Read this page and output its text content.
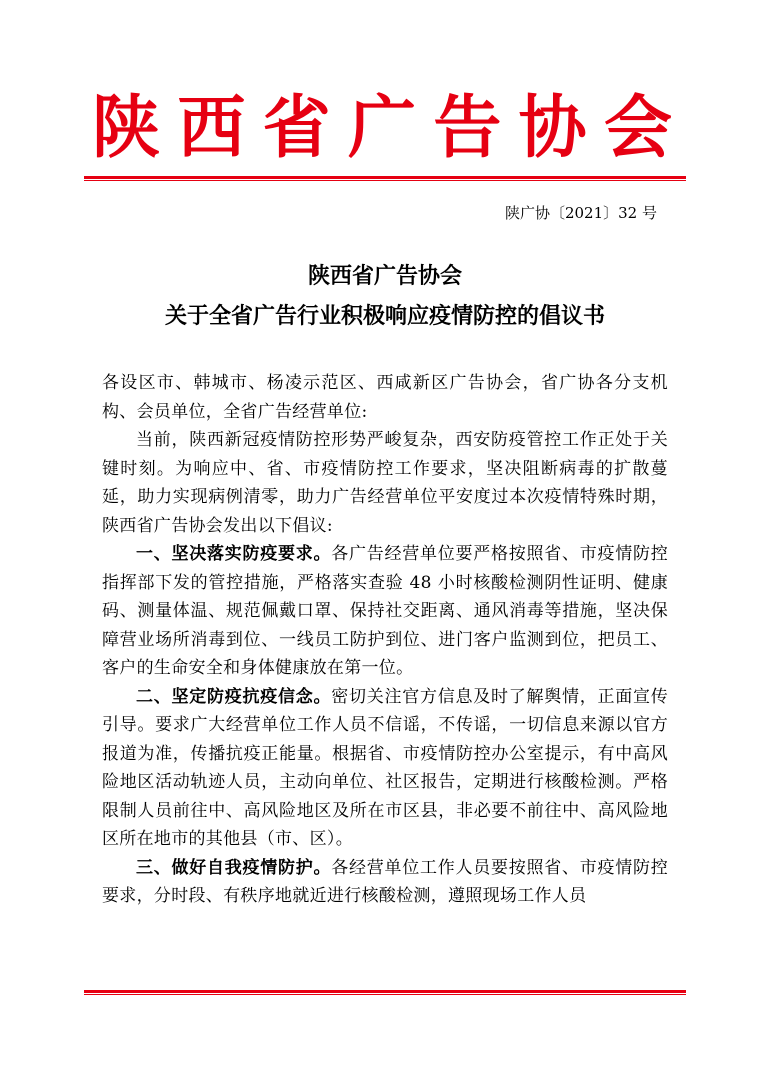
陕 西 省 广 告 协 会
陕广协〔2021〕32 号
陕西省广告协会
关于全省广告行业积极响应疫情防控的倡议书

各设区市、韩城市、杨凌示范区、西咸新区广告协会，省广协各分支机构、会员单位，全省广告经营单位:

当前，陕西新冠疫情防控形势严峻复杂，西安防疫管控工作正处于关键时刻。为响应中、省、市疫情防控工作要求，坚决阻断病毒的扩散蔓延，助力实现病例清零，助力广告经营单位平安度过本次疫情特殊时期，陕西省广告协会发出以下倡议:

一、坚决落实防疫要求。各广告经营单位要严格按照省、市疫情防控指挥部下发的管控措施，严格落实查验 48 小时核酸检测阴性证明、健康码、测量体温、规范佩戴口罩、保持社交距离、通风消毒等措施，坚决保障营业场所消毒到位、一线员工防护到位、进门客户监测到位，把员工、客户的生命安全和身体健康放在第一位。

二、坚定防疫抗疫信念。密切关注官方信息及时了解舆情，正面宣传引导。要求广大经营单位工作人员不信谣，不传谣，一切信息来源以官方报道为准，传播抗疫正能量。根据省、市疫情防控办公室提示，有中高风险地区活动轨迹人员，主动向单位、社区报告，定期进行核酸检测。严格限制人员前往中、高风险地区及所在市区县，非必要不前往中、高风险地区所在地市的其他县（市、区）。

三、做好自我疫情防护。各经营单位工作人员要按照省、市疫情防控要求，分时段、有秩序地就近进行核酸检测，遵照现场工作人员
